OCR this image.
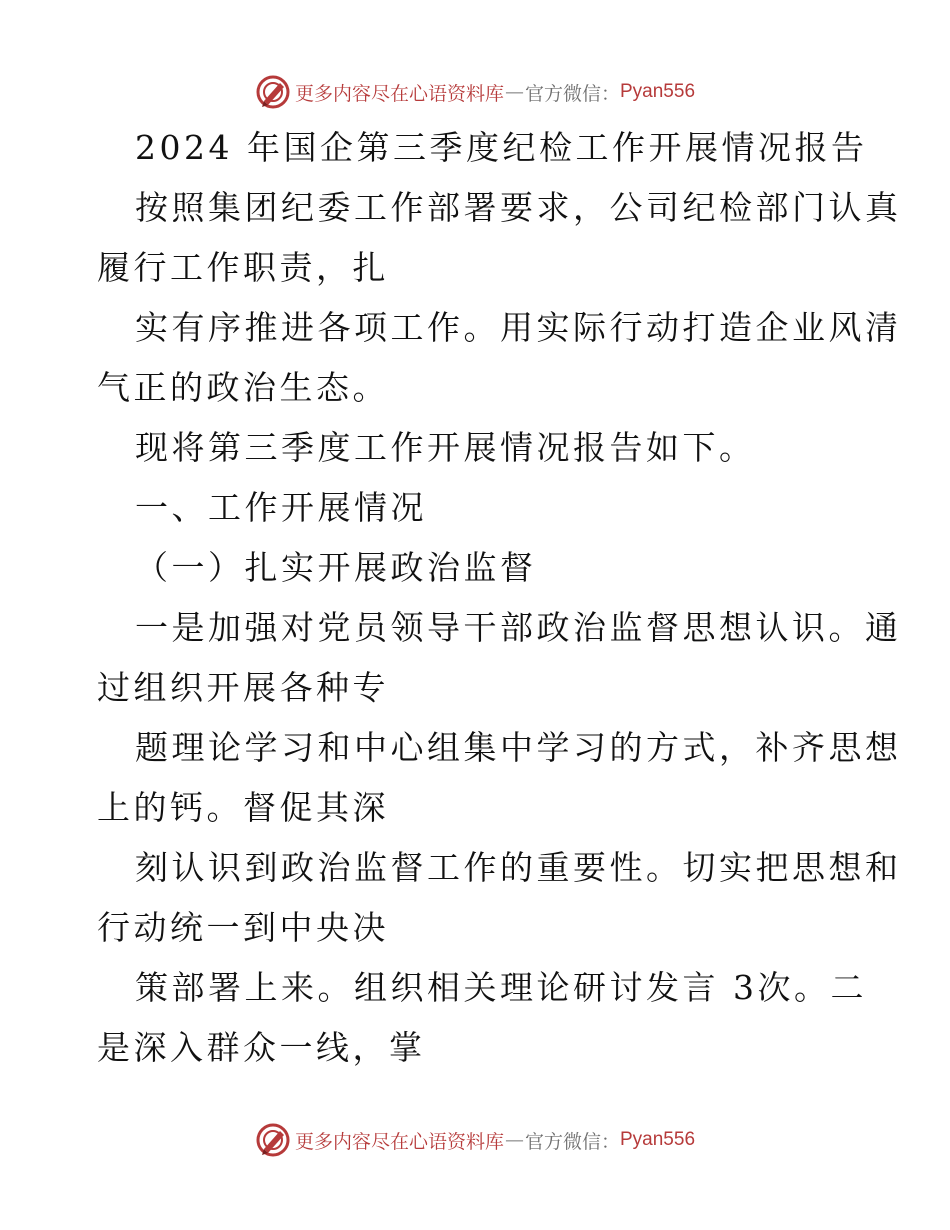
更多内容尽在心语资料库 — 官方微信： Pyan556
2024 年国企第三季度纪检工作开展情况报告
按照集团纪委工作部署要求，公司纪检部门认真
履行工作职责，扎
实有序推进各项工作。用实际行动打造企业风清
气正的政治生态。
现将第三季度工作开展情况报告如下。
一、工作开展情况
（一）扎实开展政治监督
一是加强对党员领导干部政治监督思想认识。通
过组织开展各种专
题理论学习和中心组集中学习的方式，补齐思想
上的钙。督促其深
刻认识到政治监督工作的重要性。切实把思想和
行动统一到中央决
策部署上来。组织相关理论研讨发言 3次。二
是深入群众一线，掌
更多内容尽在心语资料库 — 官方微信： Pyan556
